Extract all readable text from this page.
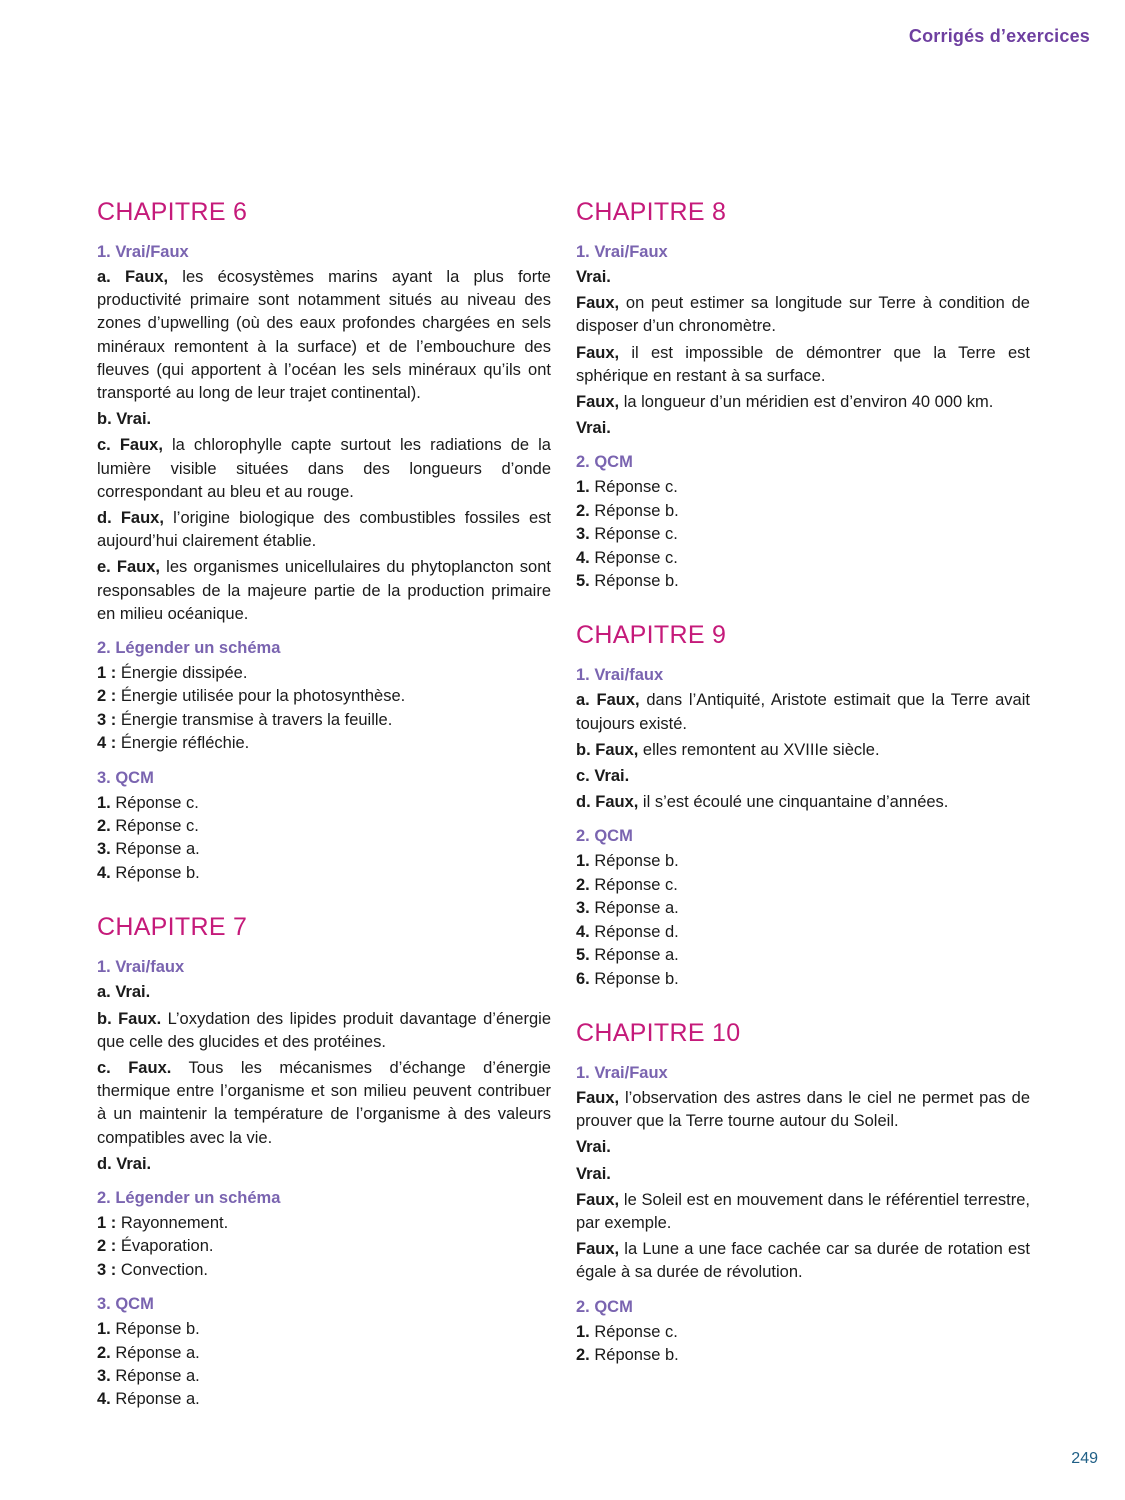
Corrigés d’exercices
CHAPITRE 6
1. Vrai/Faux
a. Faux, les écosystèmes marins ayant la plus forte productivité primaire sont notamment situés au niveau des zones d’upwelling (où des eaux profondes chargées en sels minéraux remontent à la surface) et de l’embouchure des fleuves (qui apportent à l’océan les sels minéraux qu’ils ont transporté au long de leur trajet continental).
b. Vrai.
c. Faux, la chlorophylle capte surtout les radiations de la lumière visible situées dans des longueurs d’onde correspondant au bleu et au rouge.
d. Faux, l’origine biologique des combustibles fossiles est aujourd’hui clairement établie.
e. Faux, les organismes unicellulaires du phytoplancton sont responsables de la majeure partie de la production primaire en milieu océanique.
2. Légender un schéma
1 : Énergie dissipée.
2 : Énergie utilisée pour la photosynthèse.
3 : Énergie transmise à travers la feuille.
4 : Énergie réfléchie.
3. QCM
1. Réponse c.
2. Réponse c.
3. Réponse a.
4. Réponse b.
CHAPITRE 7
1. Vrai/faux
a. Vrai.
b. Faux. L’oxydation des lipides produit davantage d’énergie que celle des glucides et des protéines.
c. Faux. Tous les mécanismes d’échange d’énergie thermique entre l’organisme et son milieu peuvent contribuer à un maintenir la température de l’organisme à des valeurs compatibles avec la vie.
d. Vrai.
2. Légender un schéma
1 : Rayonnement.
2 : Évaporation.
3 : Convection.
3. QCM
1. Réponse b.
2. Réponse a.
3. Réponse a.
4. Réponse a.
CHAPITRE 8
1. Vrai/Faux
Vrai.
Faux, on peut estimer sa longitude sur Terre à condition de disposer d’un chronomètre.
Faux, il est impossible de démontrer que la Terre est sphérique en restant à sa surface.
Faux, la longueur d’un méridien est d’environ 40 000 km.
Vrai.
2. QCM
1. Réponse c.
2. Réponse b.
3. Réponse c.
4. Réponse c.
5. Réponse b.
CHAPITRE 9
1. Vrai/faux
a. Faux, dans l’Antiquité, Aristote estimait que la Terre avait toujours existé.
b. Faux, elles remontent au XVIIIe siècle.
c. Vrai.
d. Faux, il s’est écoulé une cinquantaine d’années.
2. QCM
1. Réponse b.
2. Réponse c.
3. Réponse a.
4. Réponse d.
5. Réponse a.
6. Réponse b.
CHAPITRE 10
1. Vrai/Faux
Faux, l’observation des astres dans le ciel ne permet pas de prouver que la Terre tourne autour du Soleil.
Vrai.
Vrai.
Faux, le Soleil est en mouvement dans le référentiel terrestre, par exemple.
Faux, la Lune a une face cachée car sa durée de rotation est égale à sa durée de révolution.
2. QCM
1. Réponse c.
2. Réponse b.
249
